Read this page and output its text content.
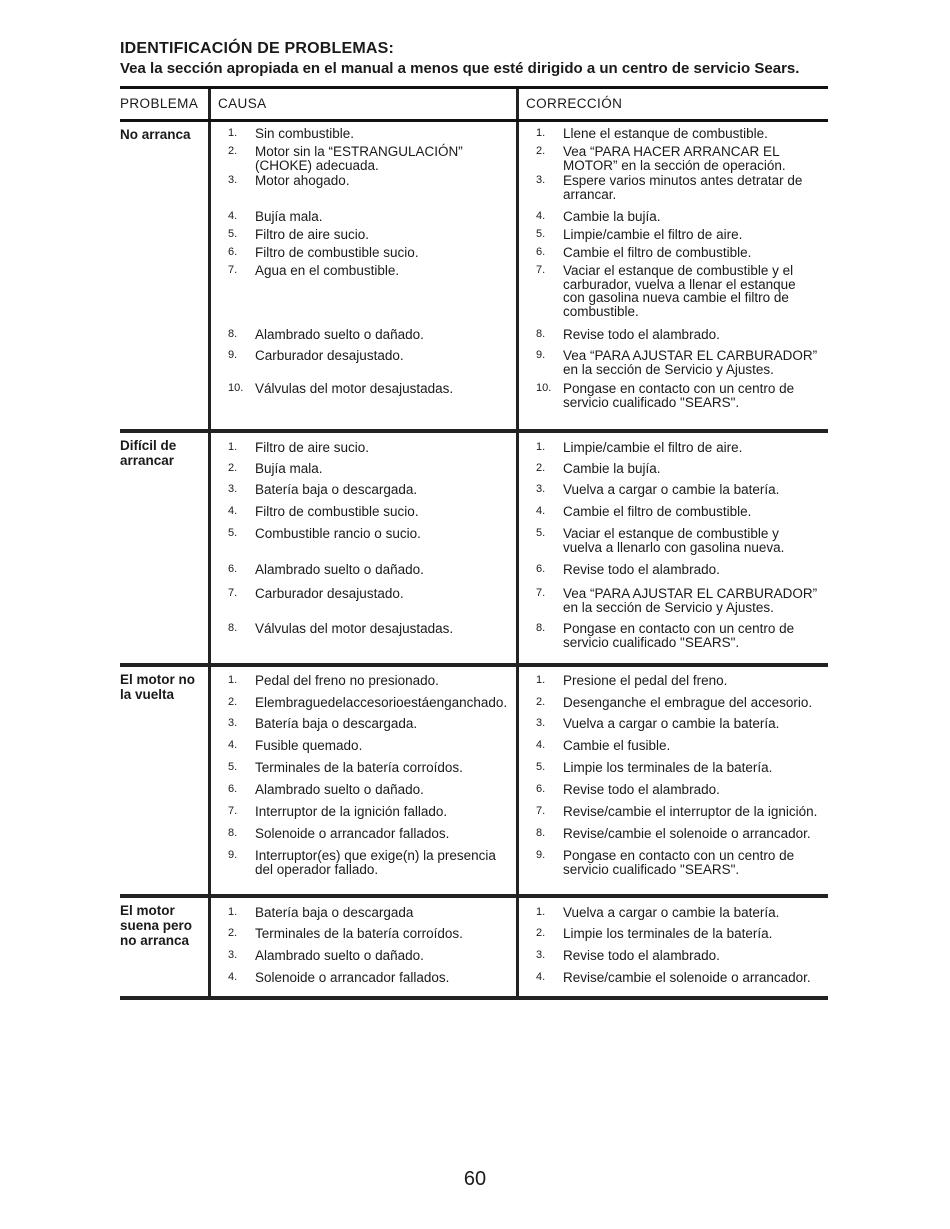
IDENTIFICACIÓN DE PROBLEMAS:
Vea la sección apropiada en el manual a menos que esté dirigido a un centro de servicio Sears.
PROBLEMA CAUSA	CORRECCIÓN
No arranca	1. Sin combustible.	1. Llene el estanque de combustible.
2. Motor sin la “ESTRANGULACIÓN” (CHOKE) adecuada.
2. Vea “PARA HACER ARRANCAR EL MOTOR” en la sección de operación.
3. Motor ahogado.	3. Espere varios minutos antes detratar de arrancar.
4. Bujía mala.	4. Cambie la bujía.
5. Filtro de aire sucio.	5. Limpie/cambie el filtro de aire.
6. Filtro de combustible sucio.	6. Cambie el filtro de combustible.
7. Agua en el combustible.	7. Vaciar el estanque de combustible y el carburador, vuelva a llenar el estanque con gasolina nueva cambie el filtro de combustible.
8. Alambrado suelto o dañado.	8. Revise todo el alambrado.
9. Carburador desajustado.	9. Vea “PARA AJUSTAR EL CARBURADOR” en la sección de Servicio y Ajustes.
10. Válvulas del motor desajustadas.	10. Pongase en contacto con un centro de servicio cualificado "SEARS".
Difícil de arrancar
1. Filtro de aire sucio.	1. Limpie/cambie el filtro de aire.
2. Bujía mala.	2. Cambie la bujía.
3. Batería baja o descargada.	3. Vuelva a cargar o cambie la batería.
4. Filtro de combustible sucio.	4. Cambie el filtro de combustible.
5. Combustible rancio o sucio.	5. Vaciar el estanque de combustible y vuelva a llenarlo con gasolina nueva.
6. Alambrado suelto o dañado.	6. Revise todo el alambrado.
7. Carburador desajustado.	7. Vea “PARA AJUSTAR EL CARBURADOR” en la sección de Servicio y Ajustes.
8. Válvulas del motor desajustadas.	8. Pongase en contacto con un centro de servicio cualificado "SEARS".
El motor no la vuelta
1. Pedal del freno no presionado.	1. Presione el pedal del freno.
2. Elembraguedelaccesorioestáenganchado.	2. Desenganche el embrague del accesorio.
3. Batería baja o descargada.	3. Vuelva a cargar o cambie la batería.
4. Fusible quemado.	4. Cambie el fusible.
5. Terminales de la batería corroídos.	5. Limpie los terminales de la batería.
6. Alambrado suelto o dañado.	6. Revise todo el alambrado.
7. Interruptor de la ignición fallado.	7. Revise/cambie el interruptor de la ignición.
8. Solenoide o arrancador fallados.	8. Revise/cambie el solenoide o arrancador.
9. Interruptor(es) que exige(n) la presencia del operador fallado.
9. Pongase en contacto con un centro de servicio cualificado "SEARS".
El motor suena pero no arranca
1. Batería baja o descargada	1. Vuelva a cargar o cambie la batería.
2. Terminales de la batería corroídos.	2. Limpie los terminales de la batería.
3. Alambrado suelto o dañado.	3. Revise todo el alambrado.
4. Solenoide o arrancador fallados.	4. Revise/cambie el solenoide o arrancador.
60
